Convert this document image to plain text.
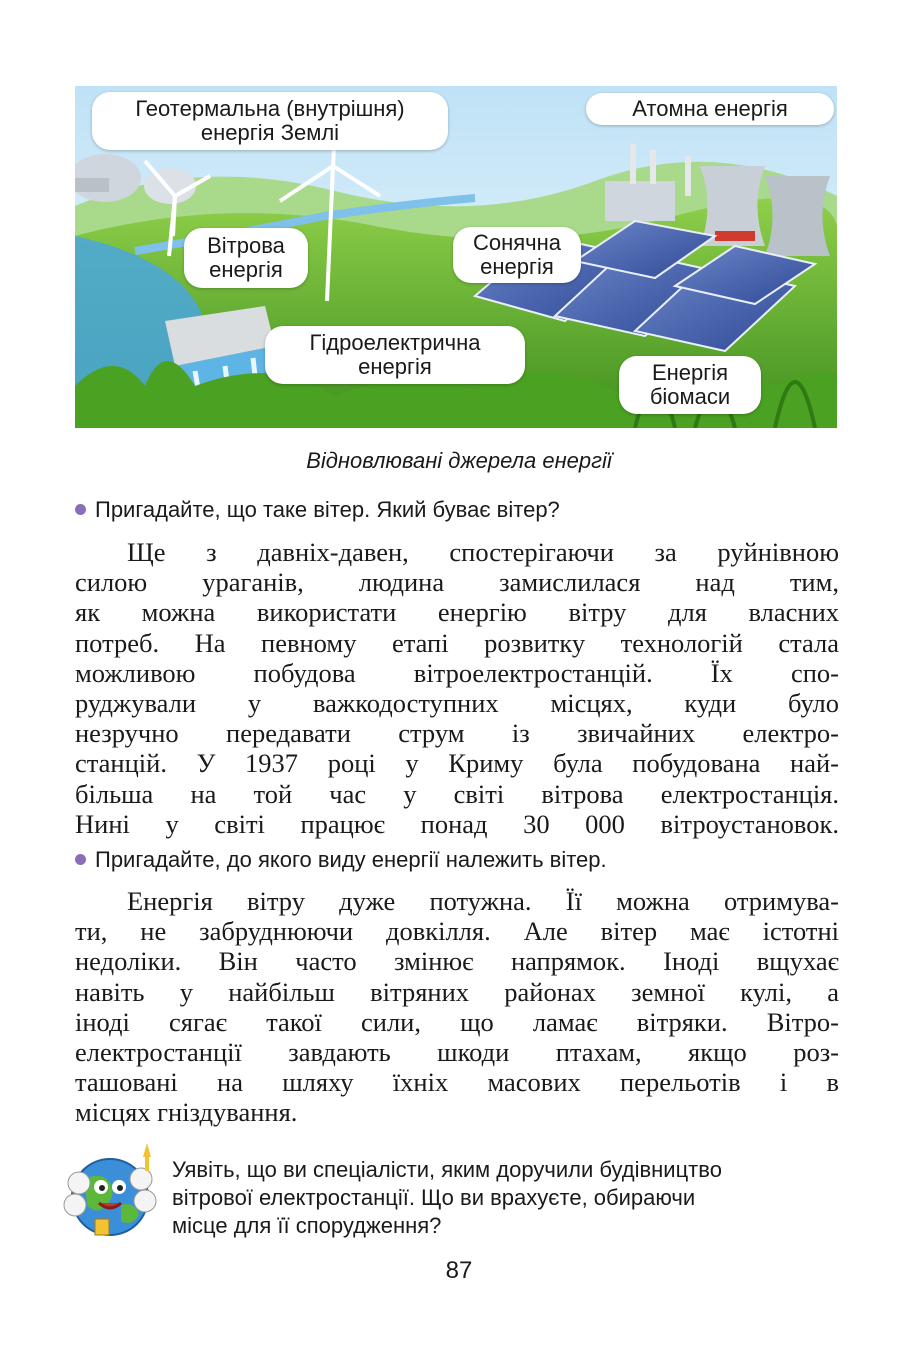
Геотермальна (внутрішня)
енергія Землі
Атомна енергія
Вітрова
енергія
Сонячна
енергія
Гідроелектрична
енергія	Енергія
біомаси
Відновлювані джерела енергії
Пригадайте, що таке вітер. Який буває вітер?
Ще з давніх-давен, спостерігаючи за руйнівною
силою ураганів, людина замислилася над тим,
як можна використати енергію вітру для власних
потреб. На певному етапі розвитку технологій стала
можливою побудова вітроелектростанцій. Їх спо-
руджували у важкодоступних місцях, куди було
незручно передавати струм із звичайних електро-
станцій. У 1937 році у Криму була побудована най-
більша на той час у світі вітрова електростанція.
Нині у світі працює понад 30 000 вітроустановок.
Пригадайте, до якого виду енергії належить вітер.
Енергія вітру дуже потужна. Її можна отримува-
ти, не забруднюючи довкілля. Але вітер має істотні
недоліки. Він часто змінює напрямок. Іноді вщухає
навіть у найбільш вітряних районах земної кулі, а
іноді сягає такої сили, що ламає вітряки. Вітро-
електростанції завдають шкоди птахам, якщо роз-
ташовані на шляху їхніх масових перельотів і в
місцях гніздування.
Уявіть, що ви спеціалісти, яким доручили будівництво
вітрової електростанції. Що ви врахуєте, обираючи
місце для її спорудження?
87
